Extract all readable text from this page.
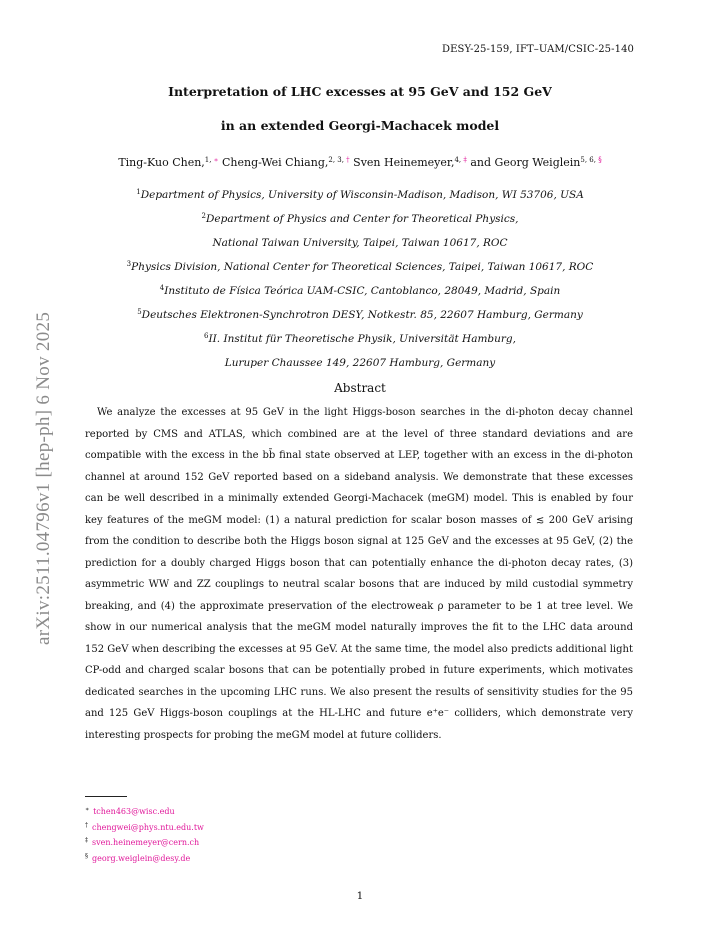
DESY-25-159, IFT–UAM/CSIC-25-140
Interpretation of LHC excesses at 95 GeV and 152 GeV
in an extended Georgi-Machacek model
Ting-Kuo Chen,$^{1, ∗}$ Cheng-Wei Chiang,$^{2, 3, \dagger}$ Sven Heinemeyer,$^{4, \ddagger}$ and Georg Weiglein$^{5, 6, \S}$
$^1$Department of Physics, University of Wisconsin-Madison, Madison, WI 53706, USA
$^2$Department of Physics and Center for Theoretical Physics,
National Taiwan University, Taipei, Taiwan 10617, ROC
$^3$Physics Division, National Center for Theoretical Sciences, Taipei, Taiwan 10617, ROC
$^4$Instituto de Física Teórica UAM-CSIC, Cantoblanco, 28049, Madrid, Spain
$^5$Deutsches Elektronen-Synchrotron DESY, Notkestr. 85, 22607 Hamburg, Germany
$^6$II. Institut für Theoretische Physik, Universität Hamburg,
Luruper Chaussee 149, 22607 Hamburg, Germany
Abstract
We analyze the excesses at 95 GeV in the light Higgs-boson searches in the di-photon decay channel reported by CMS and ATLAS, which combined are at the level of three standard deviations and are compatible with the excess in the bb̄ final state observed at LEP, together with an excess in the di-photon channel at around 152 GeV reported based on a sideband analysis. We demonstrate that these excesses can be well described in a minimally extended Georgi-Machacek (meGM) model. This is enabled by four key features of the meGM model: (1) a natural prediction for scalar boson masses of ≲ 200 GeV arising from the condition to describe both the Higgs boson signal at 125 GeV and the excesses at 95 GeV, (2) the prediction for a doubly charged Higgs boson that can potentially enhance the di-photon decay rates, (3) asymmetric WW and ZZ couplings to neutral scalar bosons that are induced by mild custodial symmetry breaking, and (4) the approximate preservation of the electroweak ρ parameter to be 1 at tree level. We show in our numerical analysis that the meGM model naturally improves the fit to the LHC data around 152 GeV when describing the excesses at 95 GeV. At the same time, the model also predicts additional light CP-odd and charged scalar bosons that can be potentially probed in future experiments, which motivates dedicated searches in the upcoming LHC runs. We also present the results of sensitivity studies for the 95 and 125 GeV Higgs-boson couplings at the HL-LHC and future e⁺e⁻ colliders, which demonstrate very interesting prospects for probing the meGM model at future colliders.
arXiv:2511.04796v1 [hep-ph] 6 Nov 2025
∗ tchen463@wisc.edu
† chengwei@phys.ntu.edu.tw
‡ sven.heinemeyer@cern.ch
§ georg.weiglein@desy.de
1
